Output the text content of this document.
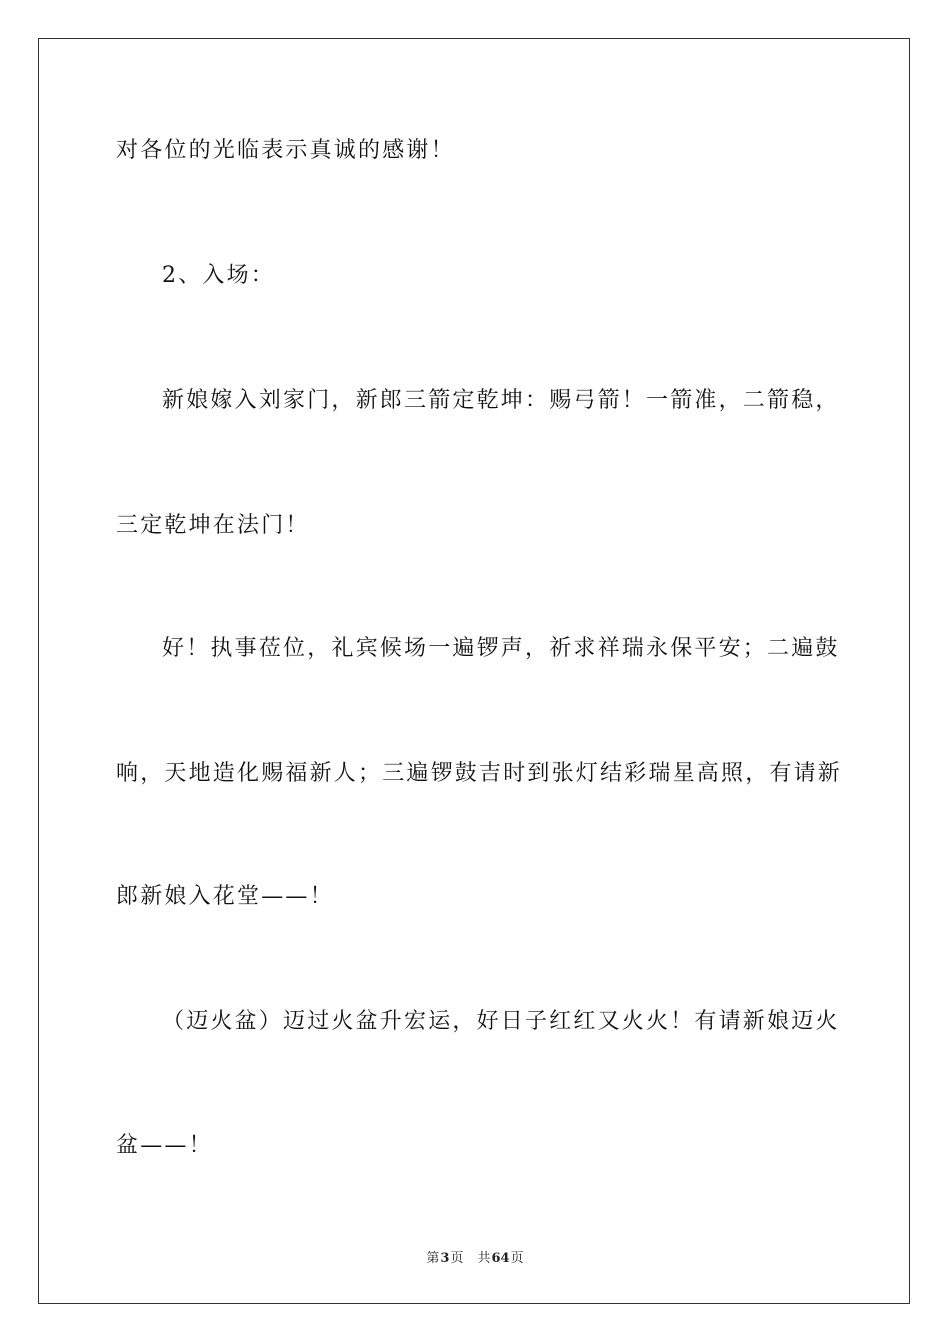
对各位的光临表示真诚的感谢！
2、入场：
新娘嫁入刘家门，新郎三箭定乾坤：赐弓箭！一箭准，二箭稳，
三定乾坤在法门！
好！执事莅位，礼宾候场一遍锣声，祈求祥瑞永保平安；二遍鼓
响，天地造化赐福新人；三遍锣鼓吉时到张灯结彩瑞星高照，有请新
郎新娘入花堂——！
（迈火盆）迈过火盆升宏运，好日子红红又火火！有请新娘迈火
盆——！
第3页 共64页
